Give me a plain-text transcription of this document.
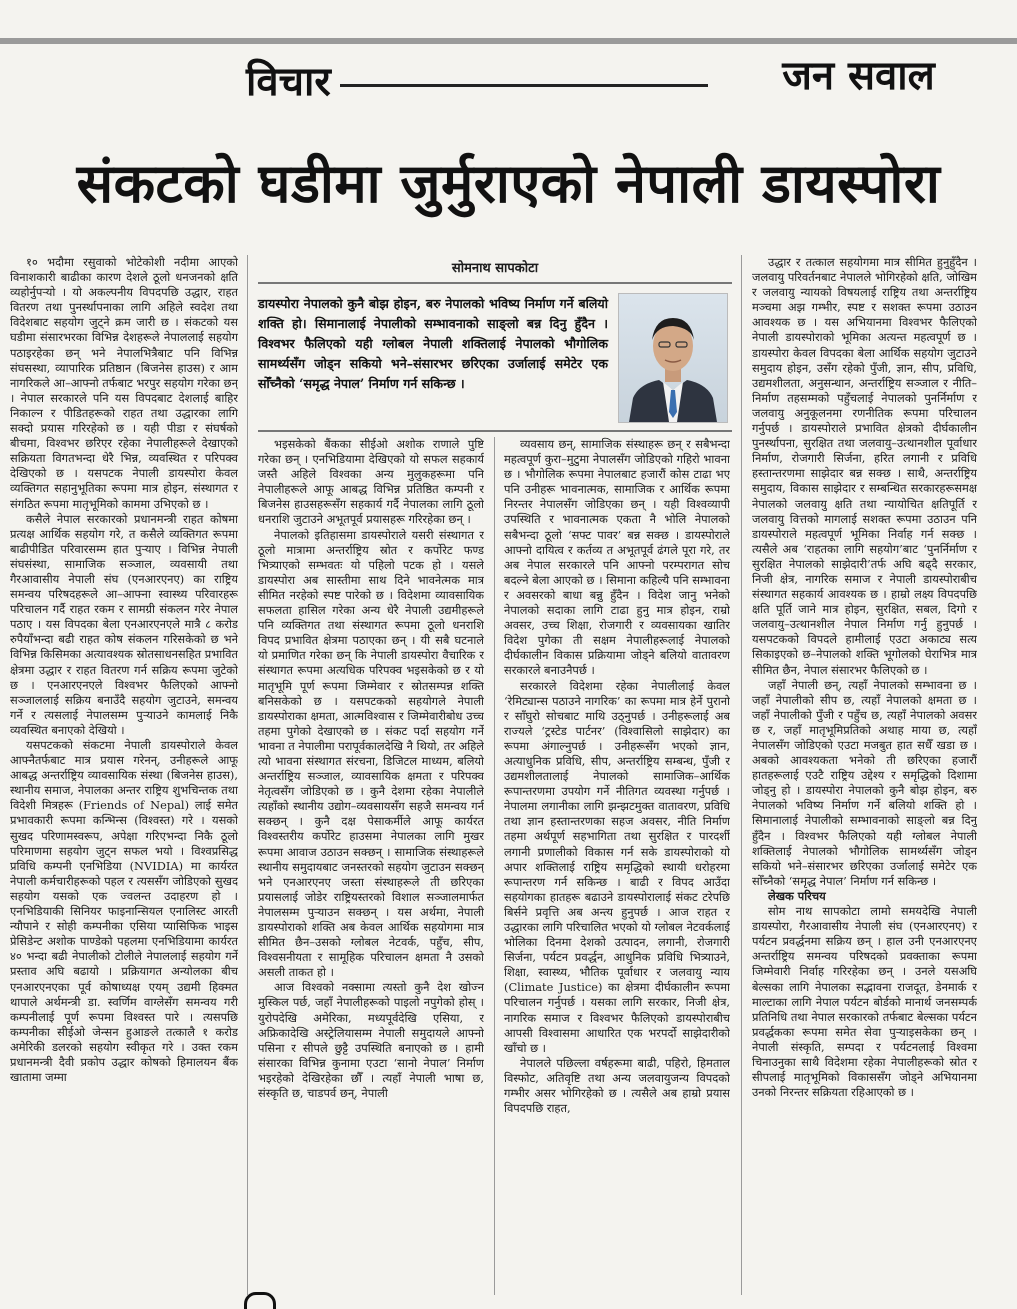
विचार	जन सवाल
संकटको घडीमा जुर्मुराएको नेपाली डायस्पोरा
सोमनाथ सापकोटा
डायस्पोरा नेपालको कुनै बोझ होइन, बरु नेपालको भविष्य निर्माण गर्ने बलियो शक्ति हो। सिमानालाई नेपालीको सम्भावनाको साङ्लो बन्न दिनु हुँदैन । विश्वभर फैलिएको यही ग्लोबल नेपाली शक्तिलाई नेपालको भौगोलिक सामर्थ्यसँग जोड्न सकियो भने–संसारभर छरिएका उर्जालाई समेटेर एक सोँच्नैको ‘समृद्ध नेपाल’ निर्माण गर्न सकिन्छ ।

१० भदौमा रसुवाको भोटेकोशी नदीमा आएको विनाशकारी बाढीका कारण देशले ठूलो धनजनको क्षति व्यहोर्नुपर्‍यो । यो अकल्पनीय विपदपछि उद्धार, राहत वितरण तथा पुनर्स्थापनाका लागि अहिले स्वदेश तथा विदेशबाट सहयोग जुट्ने क्रम जारी छ । संकटको यस घडीमा संसारभरका विभिन्न देशहरूले नेपाललाई सहयोग पठाइरहेका छन् भने नेपालभित्रैबाट पनि विभिन्न संघसस्था, व्यापारिक प्रतिष्ठान (बिजनेस हाउस) र आम नागरिकले आ–आफ्नो तर्फबाट भरपुर सहयोग गरेका छन् । नेपाल सरकारले पनि यस विपदबाट देशलाई बाहिर निकाल्न र पीडितहरूको राहत तथा उद्धारका लागि सक्दो प्रयास गरिरहेको छ । यही पीडा र संघर्षको बीचमा, विश्वभर छरिएर रहेका नेपालीहरूले देखाएको सक्रियता विगतभन्दा धेरै भिन्न, व्यवस्थित र परिपक्व देखिएको छ । यसपटक नेपाली डायस्पोरा केवल व्यक्तिगत सहानुभूतिका रूपमा मात्र होइन, संस्थागत र संगठित रूपमा मातृभूमिको काममा उभिएको छ ।

कसैले नेपाल सरकारको प्रधानमन्त्री राहत कोषमा प्रत्यक्ष आर्थिक सहयोग गरे, त कसैले व्यक्तिगत रूपमा बाढीपीडित परिवारसम्म हात पुर्‍याए । विभिन्न नेपाली संघसंस्था, सामाजिक सञ्जाल, व्यवसायी तथा गैरआवासीय नेपाली संघ (एनआरएनए) का राष्ट्रिय समन्वय परिषदहरूले आ–आफ्ना स्वास्थ्य परिवारहरू परिचालन गर्दै राहत रकम र सामग्री संकलन गरेर नेपाल पठाए । यस विपदका बेला एनआरएनएले मात्रै ८ करोड रुपैयाँभन्दा बढी राहत कोष संकलन गरिसकेको छ भने विभिन्न किसिमका अत्यावश्यक स्रोतसाधनसहित प्रभावित क्षेत्रमा उद्धार र राहत वितरण गर्न सक्रिय रूपमा जुटेको छ । एनआरएनएले विश्वभर फैलिएको आफ्नो सञ्जाललाई सक्रिय बनाउँदै सहयोग जुटाउने, समन्वय गर्ने र त्यसलाई नेपालसम्म पुर्‍याउने कामलाई निकै व्यवस्थित बनाएको देखियो ।

यसपटकको संकटमा नेपाली डायस्पोराले केवल आफ्नैतर्फबाट मात्र प्रयास गरेनन्, उनीहरूले आफू आबद्ध अन्तर्राष्ट्रिय व्यावसायिक संस्था (बिजनेस हाउस), स्थानीय समाज, नेपालका अन्तर राष्ट्रिय शुभचिन्तक तथा विदेशी मित्रहरू (Friends of Nepal) लाई समेत प्रभावकारी रूपमा कन्भिन्स (विश्वस्त) गरे । यसको सुखद परिणामस्वरूप, अपेक्षा गरिएभन्दा निकै ठूलो परिमाणमा सहयोग जुट्न सफल भयो । विश्वप्रसिद्ध प्रविधि कम्पनी एनभिडिया (NVIDIA) मा कार्यरत नेपाली कर्मचारीहरूको पहल र त्यससँग जोडिएको सुखद सहयोग यसको एक ज्वलन्त उदाहरण हो । एनभिडियाकी सिनियर फाइनान्सियल एनालिस्ट आरती न्यौपाने र सोही कम्पनीका एसिया प्यासिफिक भाइस प्रेसिडेन्ट अशोक पाण्डेको पहलमा एनभिडियामा कार्यरत ४० भन्दा बढी नेपालीको टोलीले नेपाललाई सहयोग गर्ने प्रस्ताव अघि बढायो । प्रक्रियागत अन्योलका बीच एनआरएनएका पूर्व कोषाध्यक्ष एयम् उद्यमी हिक्मत थापाले अर्थमन्त्री डा. स्वर्णिम वाग्लेसँग समन्वय गरी कम्पनीलाई पूर्ण रूपमा विश्वस्त पारे । त्यसपछि कम्पनीका सीईओ जेन्सन हुआङले तत्कालै १ करोड अमेरिकी डलरको सहयोग स्वीकृत गरे । उक्त रकम प्रधानमन्त्री दैवी प्रकोप उद्धार कोषको हिमालयन बैंक खातामा जम्मा

भइसकेको बैंकका सीईओ अशोक राणाले पुष्टि गरेका छन् । एनभिडियामा देखिएको यो सफल सहकार्य जस्तै अहिले विश्वका अन्य मुलुकहरूमा पनि नेपालीहरूले आफू आबद्ध विभिन्न प्रतिष्ठित कम्पनी र बिजनेस हाउसहरूसँग सहकार्य गर्दै नेपालका लागि ठूलो धनराशि जुटाउने अभूतपूर्व प्रयासहरू गरिरहेका छन् ।

नेपालको इतिहासमा डायस्पोराले यसरी संस्थागत र ठूलो मात्रामा अन्तर्राष्ट्रिय स्रोत र कर्पोरेट फण्ड भित्र्याएको सम्भवतः यो पहिलो पटक हो । यसले डायस्पोरा अब सास्तीमा साथ दिने भावनेत्मक मात्र सीमित नरहेको स्पष्ट पारेको छ । विदेशमा व्यावसायिक सफलता हासिल गरेका अन्य धेरै नेपाली उद्यमीहरूले पनि व्यक्तिगत तथा संस्थागत रूपमा ठूलो धनराशि विपद प्रभावित क्षेत्रमा पठाएका छन् । यी सबै घटनाले यो प्रमाणित गरेका छन् कि नेपाली डायस्पोरा वैचारिक र संस्थागत रूपमा अत्यधिक परिपक्व भइसकेको छ र यो मातृभूमि पूर्ण रूपमा जिम्मेवार र स्रोतसम्पन्न शक्ति बनिसकेको छ । यसपटकको सहयोगले नेपाली डायस्पोराका क्षमता, आत्मविश्वास र जिम्मेवारीबोध उच्च तहमा पुगेको देखाएको छ । संकट पर्दा सहयोग गर्ने भावना त नेपालीमा परापूर्वकालदेखि नै थियो, तर अहिले त्यो भावना संस्थागत संरचना, डिजिटल माध्यम, बलियो अन्तर्राष्ट्रिय सञ्जाल, व्यावसायिक क्षमता र परिपक्व नेतृत्वसँग जोडिएको छ । कुनै देशमा रहेका नेपालीले त्यहाँको स्थानीय उद्योग–व्यवसायसँग सहजै समन्वय गर्न सक्छन् । कुनै दक्ष पेसाकर्मीले आफू कार्यरत विश्वस्तरीय कर्पोरेट हाउसमा नेपालका लागि मुखर रूपमा आवाज उठाउन सक्छन् । सामाजिक संस्थाहरूले स्थानीय समुदायबाट जनस्तरको सहयोग जुटाउन सक्छन् भने एनआरएनए जस्ता संस्थाहरूले ती छरिएका प्रयासलाई जोडेर राष्ट्रियस्तरको विशाल सञ्जालमार्फत नेपालसम्म पुर्‍याउन सक्छन् । यस अर्थमा, नेपाली डायस्पोराको शक्ति अब केवल आर्थिक सहयोगमा मात्र सीमित छैन–उसको ग्लोबल नेटवर्क, पहुँच, सीप, विश्वसनीयता र सामूहिक परिचालन क्षमता नै उसको असली ताकत हो ।

आज विश्वको नक्सामा त्यस्तो कुनै देश खोज्न मुस्किल पर्छ, जहाँ नेपालीहरूको पाइलो नपुगेको होस् । युरोपदेखि अमेरिका, मध्यपूर्वदेखि एसिया, र अफ्रिकादेखि अस्ट्रेलियासम्म नेपाली समुदायले आफ्नो पसिना र सीपले छुट्टै उपस्थिति बनाएको छ । हामी संसारका विभिन्न कुनामा एउटा ‘सानो नेपाल’ निर्माण भइरहेको देखिरहेका छौँ । त्यहाँ नेपाली भाषा छ, संस्कृति छ, चाडपर्व छन्, नेपाली

व्यवसाय छन्, सामाजिक संस्थाहरू छन् र सबैभन्दा महत्वपूर्ण कुरा–मुटुमा नेपालसँग जोडिएको गहिरो भावना छ । भौगोलिक रूपमा नेपालबाट हजारौं कोस टाढा भए पनि उनीहरू भावनात्मक, सामाजिक र आर्थिक रूपमा निरन्तर नेपालसँग जोडिएका छन् । यही विश्वव्यापी उपस्थिति र भावनात्मक एकता नै भोलि नेपालको सबैभन्दा ठूलो ‘सफ्ट पावर’ बन्न सक्छ । डायस्पोराले आफ्नो दायित्व र कर्तव्य त अभूतपूर्व ढंगले पूरा गरे, तर अब नेपाल सरकारले पनि आफ्नो परम्परागत सोच बदल्ने बेला आएको छ । सिमाना कहिल्यै पनि सम्भावना र अवसरको बाधा बन्नु हुँदैन । विदेश जानु भनेको नेपालको सदाका लागि टाढा हुनु मात्र होइन, राम्रो अवसर, उच्च शिक्षा, रोजगारी र व्यवसायका खातिर विदेश पुगेका ती सक्षम नेपालीहरूलाई नेपालको दीर्घकालीन विकास प्रक्रियामा जोड्ने बलियो वातावरण सरकारले बनाउनैपर्छ ।

सरकारले विदेशमा रहेका नेपालीलाई केवल ‘रेमिट्यान्स पठाउने नागरिक’ का रूपमा मात्र हेर्ने पुरानो र साँघुरो सोचबाट माथि उठ्नुपर्छ । उनीहरूलाई अब राज्यले ‘ट्रस्टेड पार्टनर’ (विश्वासिलो साझेदार) का रूपमा अंगाल्नुपर्छ । उनीहरूसँग भएको ज्ञान, अत्याधुनिक प्रविधि, सीप, अन्तर्राष्ट्रिय सम्बन्ध, पुँजी र उद्यमशीलतालाई नेपालको सामाजिक–आर्थिक रूपान्तरणमा उपयोग गर्ने नीतिगत व्यवस्था गर्नुपर्छ । नेपालमा लगानीका लागि झन्झटमुक्त वातावरण, प्रविधि तथा ज्ञान हस्तान्तरणका सहज अवसर, नीति निर्माण तहमा अर्थपूर्ण सहभागिता तथा सुरक्षित र पारदर्शी लगानी प्रणालीको विकास गर्न सके डायस्पोराको यो अपार शक्तिलाई राष्ट्रिय समृद्धिको स्थायी धरोहरमा रूपान्तरण गर्न सकिन्छ । बाढी र विपद आउँदा सहयोगका हातहरू बढाउने डायस्पोरालाई संकट टरेपछि बिर्सने प्रवृत्ति अब अन्त्य हुनुपर्छ । आज राहत र उद्धारका लागि परिचालित भएको यो ग्लोबल नेटवर्कलाई भोलिका दिनमा देशको उत्पादन, लगानी, रोजगारी सिर्जना, पर्यटन प्रवर्द्धन, आधुनिक प्रविधि भित्र्याउने, शिक्षा, स्वास्थ्य, भौतिक पूर्वाधार र जलवायु न्याय (Climate Justice) का क्षेत्रमा दीर्घकालीन रूपमा परिचालन गर्नुपर्छ । यसका लागि सरकार, निजी क्षेत्र, नागरिक समाज र विश्वभर फैलिएको डायस्पोराबीच आपसी विश्वासमा आधारित एक भरपर्दो साझेदारीको खाँचो छ ।

नेपालले पछिल्ला वर्षहरूमा बाढी, पहिरो, हिमताल विस्फोट, अतिवृष्टि तथा अन्य जलवायुजन्य विपदको गम्भीर असर भोगिरहेको छ । त्यसैले अब हाम्रो प्रयास विपदपछि राहत,

उद्धार र तत्काल सहयोगमा मात्र सीमित हुनुहुँदैन । जलवायु परिवर्तनबाट नेपालले भोगिरहेको क्षति, जोखिम र जलवायु न्यायको विषयलाई राष्ट्रिय तथा अन्तर्राष्ट्रिय मञ्चमा अझ गम्भीर, स्पष्ट र सशक्त रूपमा उठाउन आवश्यक छ । यस अभियानमा विश्वभर फैलिएको नेपाली डायस्पोराको भूमिका अत्यन्त महत्वपूर्ण छ । डायस्पोरा केवल विपदका बेला आर्थिक सहयोग जुटाउने समुदाय होइन, उसँग रहेको पुँजी, ज्ञान, सीप, प्रविधि, उद्यमशीलता, अनुसन्धान, अन्तर्राष्ट्रिय सञ्जाल र नीति–निर्माण तहसम्मको पहुँचलाई नेपालको पुनर्निर्माण र जलवायु अनुकूलनमा रणनीतिक रूपमा परिचालन गर्नुपर्छ । डायस्पोराले प्रभावित क्षेत्रको दीर्घकालीन पुनर्स्थापना, सुरक्षित तथा जलवायु–उत्थानशील पूर्वाधार निर्माण, रोजगारी सिर्जना, हरित लगानी र प्रविधि हस्तान्तरणमा साझेदार बन्न सक्छ । साथै, अन्तर्राष्ट्रिय समुदाय, विकास साझेदार र सम्बन्धित सरकारहरूसमक्ष नेपालको जलवायु क्षति तथा न्यायोचित क्षतिपूर्ति र जलवायु वित्तको मागलाई सशक्त रूपमा उठाउन पनि डायस्पोराले महत्वपूर्ण भूमिका निर्वाह गर्न सक्छ । त्यसैले अब ‘राहतका लागि सहयोग’बाट ‘पुनर्निर्माण र सुरक्षित नेपालको साझेदारी’तर्फ अघि बढ्दै सरकार, निजी क्षेत्र, नागरिक समाज र नेपाली डायस्पोराबीच संस्थागत सहकार्य आवश्यक छ । हाम्रो लक्ष्य विपदपछि क्षति पूर्ति जाने मात्र होइन, सुरक्षित, सबल, दिगो र जलवायु–उत्थानशील नेपाल निर्माण गर्नु हुनुपर्छ । यसपटकको विपदले हामीलाई एउटा अकाट्य सत्य सिकाइएको छ–नेपालको शक्ति भूगोलको घेराभित्र मात्र सीमित छैन, नेपाल संसारभर फैलिएको छ ।

जहाँ नेपाली छन्, त्यहाँ नेपालको सम्भावना छ । जहाँ नेपालीको सीप छ, त्यहाँ नेपालको क्षमता छ । जहाँ नेपालीको पुँजी र पहुँच छ, त्यहाँ नेपालको अवसर छ र, जहाँ मातृभूमिप्रतिको अथाह माया छ, त्यहाँ नेपालसँग जोडिएको एउटा मजबुत हात सधैँ खडा छ । अबको आवश्यकता भनेको ती छरिएका हजारौं हातहरूलाई एउटै राष्ट्रिय उद्देश्य र समृद्धिको दिशामा जोड्नु हो । डायस्पोरा नेपालको कुनै बोझ होइन, बरु नेपालको भविष्य निर्माण गर्ने बलियो शक्ति हो । सिमानालाई नेपालीको सम्भावनाको साङ्लो बन्न दिनु हुँदैन । विश्वभर फैलिएको यही ग्लोबल नेपाली शक्तिलाई नेपालको भौगोलिक सामर्थ्यसँग जोड्न सकियो भने–संसारभर छरिएका उर्जालाई समेटेर एक सोँच्नैको ‘समृद्ध नेपाल’ निर्माण गर्न सकिन्छ ।

लेखक परिचय

सोम नाथ सापकोटा लामो समयदेखि नेपाली डायस्पोरा, गैरआवासीय नेपाली संघ (एनआरएनए) र पर्यटन प्रवर्द्धनमा सक्रिय छन् । हाल उनी एनआरएनए अन्तर्राष्ट्रिय समन्वय परिषदको प्रवक्ताका रूपमा जिम्मेवारी निर्वाह गरिरहेका छन् । उनले यसअघि बेल्सका लागि नेपालका सद्भावना राजदूत, डेनमार्क र माल्टाका लागि नेपाल पर्यटन बोर्डको मानार्थ जनसम्पर्क प्रतिनिधि तथा नेपाल सरकारको तर्फबाट बेल्सका पर्यटन प्रवर्द्धकका रूपमा समेत सेवा पुर्‍याइसकेका छन् । नेपाली संस्कृति, सम्पदा र पर्यटनलाई विश्वमा चिनाउनुका साथै विदेशमा रहेका नेपालीहरूको स्रोत र सीपलाई मातृभूमिको विकाससँग जोड्ने अभियानमा उनको निरन्तर सक्रियता रहिआएको छ ।
